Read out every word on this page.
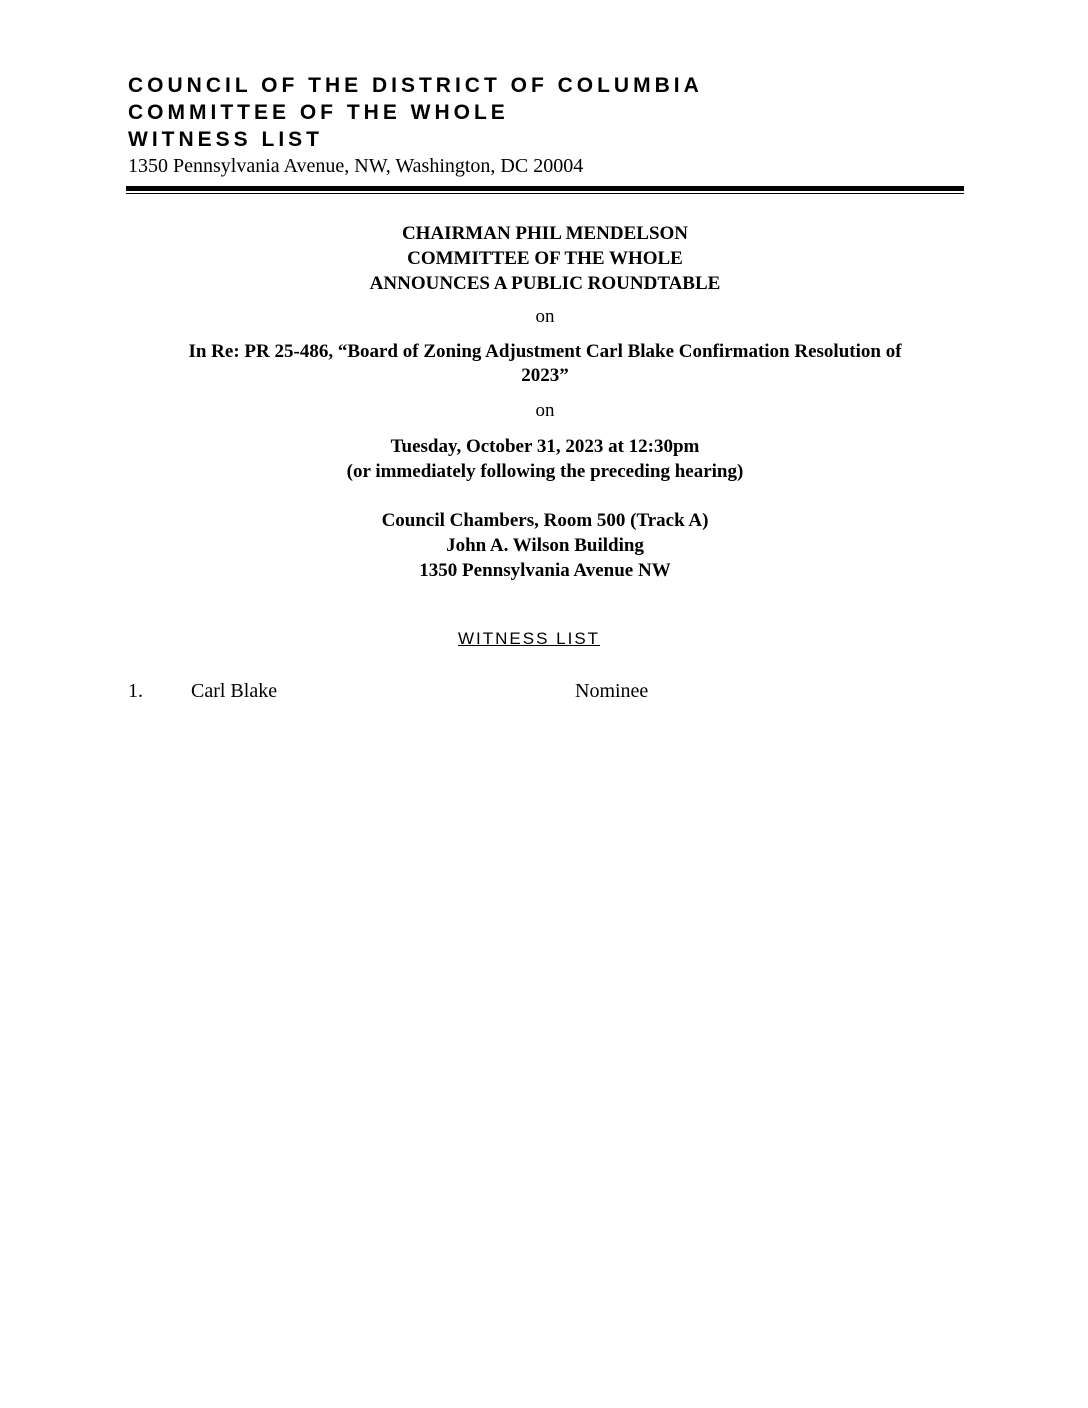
COUNCIL OF THE DISTRICT OF COLUMBIA
COMMITTEE OF THE WHOLE
WITNESS LIST
1350 Pennsylvania Avenue, NW, Washington, DC 20004
CHAIRMAN PHIL MENDELSON
COMMITTEE OF THE WHOLE
ANNOUNCES A PUBLIC ROUNDTABLE
on
In Re: PR 25-486, “Board of Zoning Adjustment Carl Blake Confirmation Resolution of
2023”
on
Tuesday, October 31, 2023 at 12:30pm
(or immediately following the preceding hearing)
Council Chambers, Room 500 (Track A)
John A. Wilson Building
1350 Pennsylvania Avenue NW
WITNESS LIST
1. Carl Blake	Nominee
